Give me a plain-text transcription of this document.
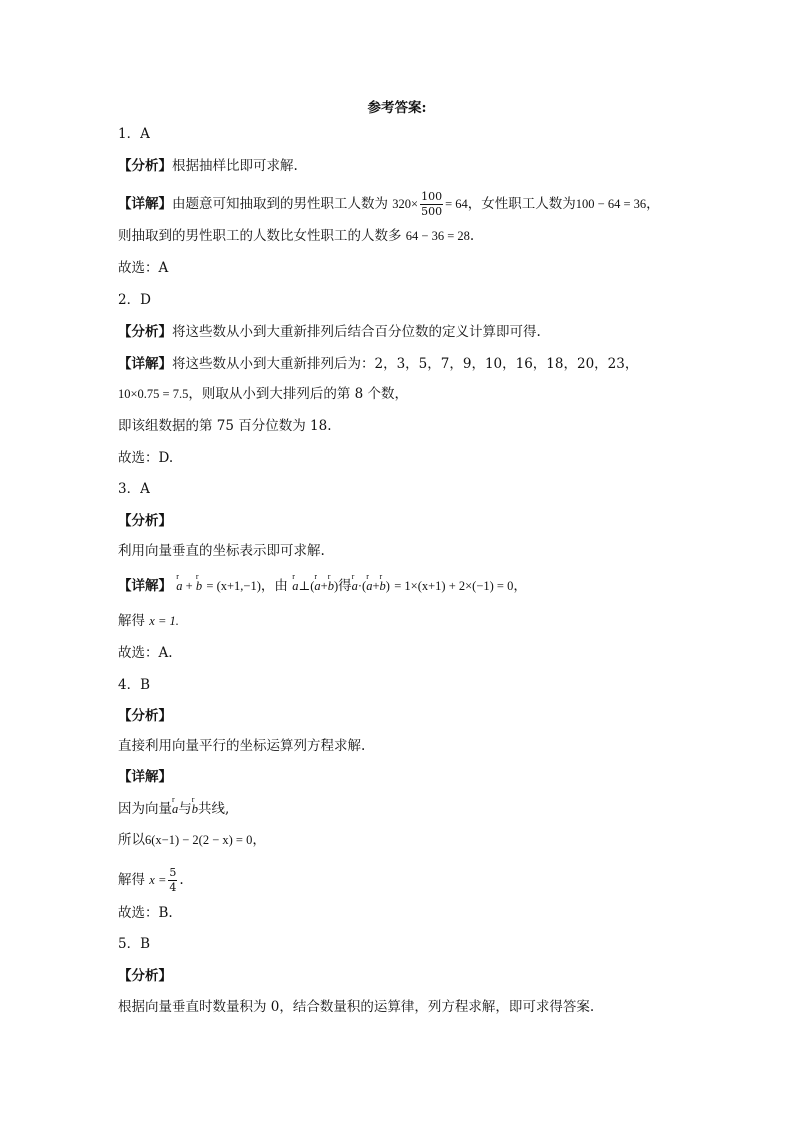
参考答案:
1．A
【分析】根据抽样比即可求解.
【详解】由题意可知抽取到的男性职工人数为 $320\times \frac{100}{500} = 64$，女性职工人数为100 − 64 = 36，
则抽取到的男性职工的人数比女性职工的人数多 64 − 36 = 28.
故选：A
2．D
【分析】将这些数从小到大重新排列后结合百分位数的定义计算即可得.
【详解】将这些数从小到大重新排列后为：2，3，5，7，9，10，16，18，20，23，
10×0.75 = 7.5，则取从小到大排列后的第 8 个数，
即该组数据的第 75 百分位数为 18.
故选：D.
3．A
【分析】
利用向量垂直的坐标表示即可求解.
【详解】
r
a +
r
b = (x+1,−1)，由
r
a⊥(
r
a+
r
b)得
r
a·(
r
a+
r
b) = 1×(x+1) + 2×(−1) = 0，
解得 x = 1.
故选：A.
4．B
【分析】
直接利用向量平行的坐标运算列方程求解.
【详解】
因为向量
r
a与
r
b共线,
所以6(x−1) − 2(2 − x) = 0，
解得 $x = \frac{5}{4}$ .
故选：B.
5．B
【分析】
根据向量垂直时数量积为 0，结合数量积的运算律，列方程求解，即可求得答案.
